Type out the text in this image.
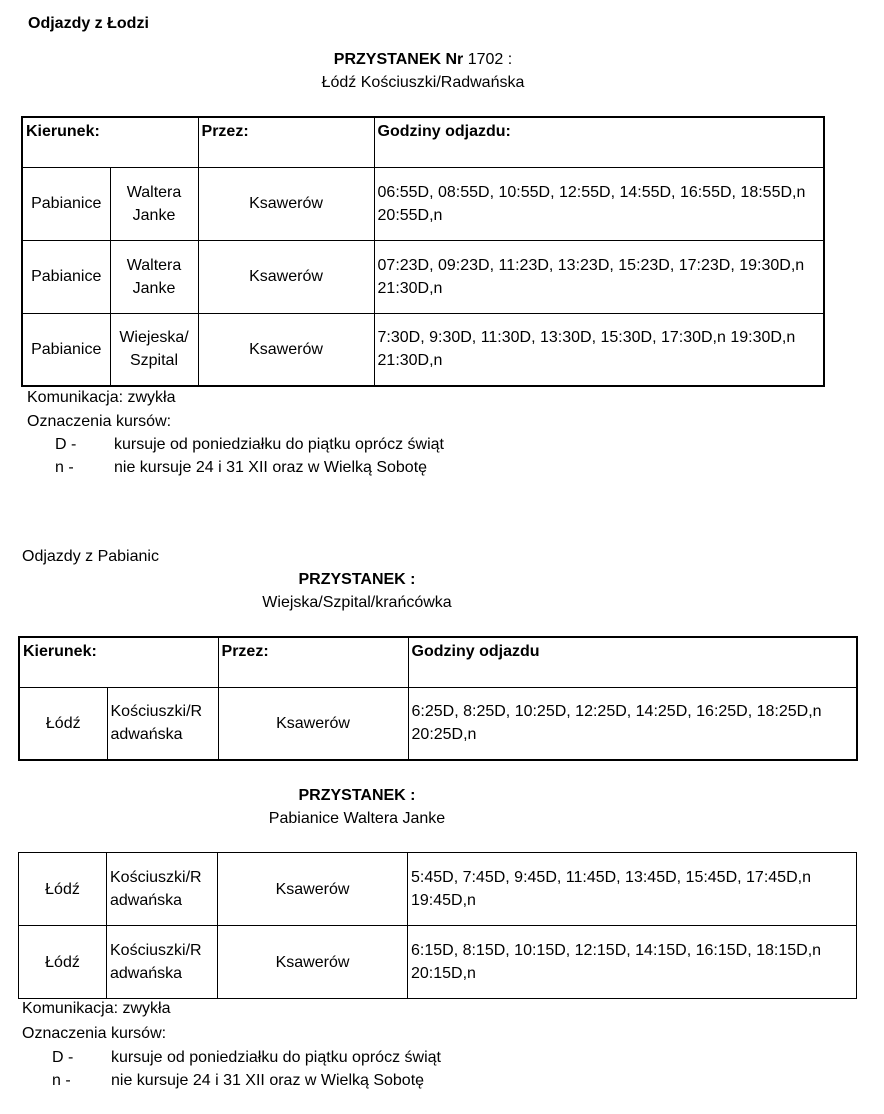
Odjazdy z Łodzi
PRZYSTANEK Nr 1702 :
Łódź Kościuszki/Radwańska
Kierunek:		Przez:	Godziny odjazdu:
Pabianice	Waltera Janke	Ksawerów	06:55D, 08:55D, 10:55D, 12:55D, 14:55D, 16:55D, 18:55D,n 20:55D,n
Pabianice	Waltera Janke	Ksawerów	07:23D, 09:23D, 11:23D, 13:23D, 15:23D, 17:23D, 19:30D,n 21:30D,n
Pabianice	Wiejeska/ Szpital	Ksawerów	7:30D, 9:30D, 11:30D, 13:30D, 15:30D, 17:30D,n 19:30D,n 21:30D,n
Komunikacja: zwykła
Oznaczenia kursów:
D - kursuje od poniedziałku do piątku oprócz świąt
n -	nie kursuje 24 i 31 XII oraz w Wielką Sobotę
Odjazdy z Pabianic
PRZYSTANEK :
Wiejska/Szpital/krańcówka
Kierunek:		Przez:	Godziny odjazdu
Łódź	Kościuszki/R adwańska	Ksawerów	6:25D, 8:25D, 10:25D, 12:25D, 14:25D, 16:25D, 18:25D,n 20:25D,n
PRZYSTANEK :
Pabianice Waltera Janke
Łódź	Kościuszki/R adwańska	Ksawerów	5:45D, 7:45D, 9:45D, 11:45D, 13:45D, 15:45D, 17:45D,n 19:45D,n
Łódź	Kościuszki/R adwańska	Ksawerów	6:15D, 8:15D, 10:15D, 12:15D, 14:15D, 16:15D, 18:15D,n 20:15D,n
Komunikacja: zwykła
Oznaczenia kursów:
D - kursuje od poniedziałku do piątku oprócz świąt
n -	nie kursuje 24 i 31 XII oraz w Wielką Sobotę
